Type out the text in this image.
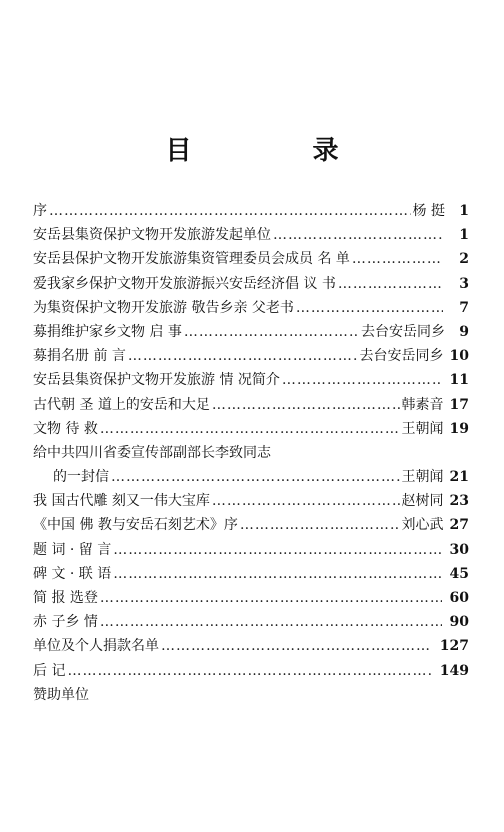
目 录
序 ……………………………………………………………………………………………………………	杨 挺	1
安岳县集资保护文物开发旅游发起单位 ……………………………………………………………………………………………………………	1
安岳县保护文物开发旅游集资管理委员会成员 名 单 ……………………………………………………………………………………………………………	2
爱我家乡保护文物开发旅游振兴安岳经济倡 议 书 ……………………………………………………………………………………………………………	3
为集资保护文物开发旅游 敬告乡亲 父老书 ……………………………………………………………………………………………………………	7
募捐维护家乡文物 启 事 ……………………………………………………………………………………………………………	去台安岳同乡	9
募捐名册 前 言 ……………………………………………………………………………………………………………	去台安岳同乡 10
安岳县集资保护文物开发旅游 情 况简介 ……………………………………………………………………………………………………………	11
古代朝 圣 道上的安岳和大足 ……………………………………………………………………………………………………………	韩素音 17
文物 待 救 ……………………………………………………………………………………………………………	王朝闻 19
给中共四川省委宣传部副部长李致同志
的一封信 ……………………………………………………………………………………………………………	王朝闻 21
我 国古代雕 刻又一伟大宝库 ……………………………………………………………………………………………………………	赵树同 23
《中国 佛 教与安岳石刻艺术》序 ……………………………………………………………………………………………………………	刘心武 27
题 词 · 留 言 ……………………………………………………………………………………………………………	30
碑 文 · 联 语 ……………………………………………………………………………………………………………	45
简 报 选登 ……………………………………………………………………………………………………………	60
赤 子乡 情 ……………………………………………………………………………………………………………	90
单位及个人捐款名单 ……………………………………………………………………………………………………………	127
后 记 ……………………………………………………………………………………………………………	149
赞助单位
